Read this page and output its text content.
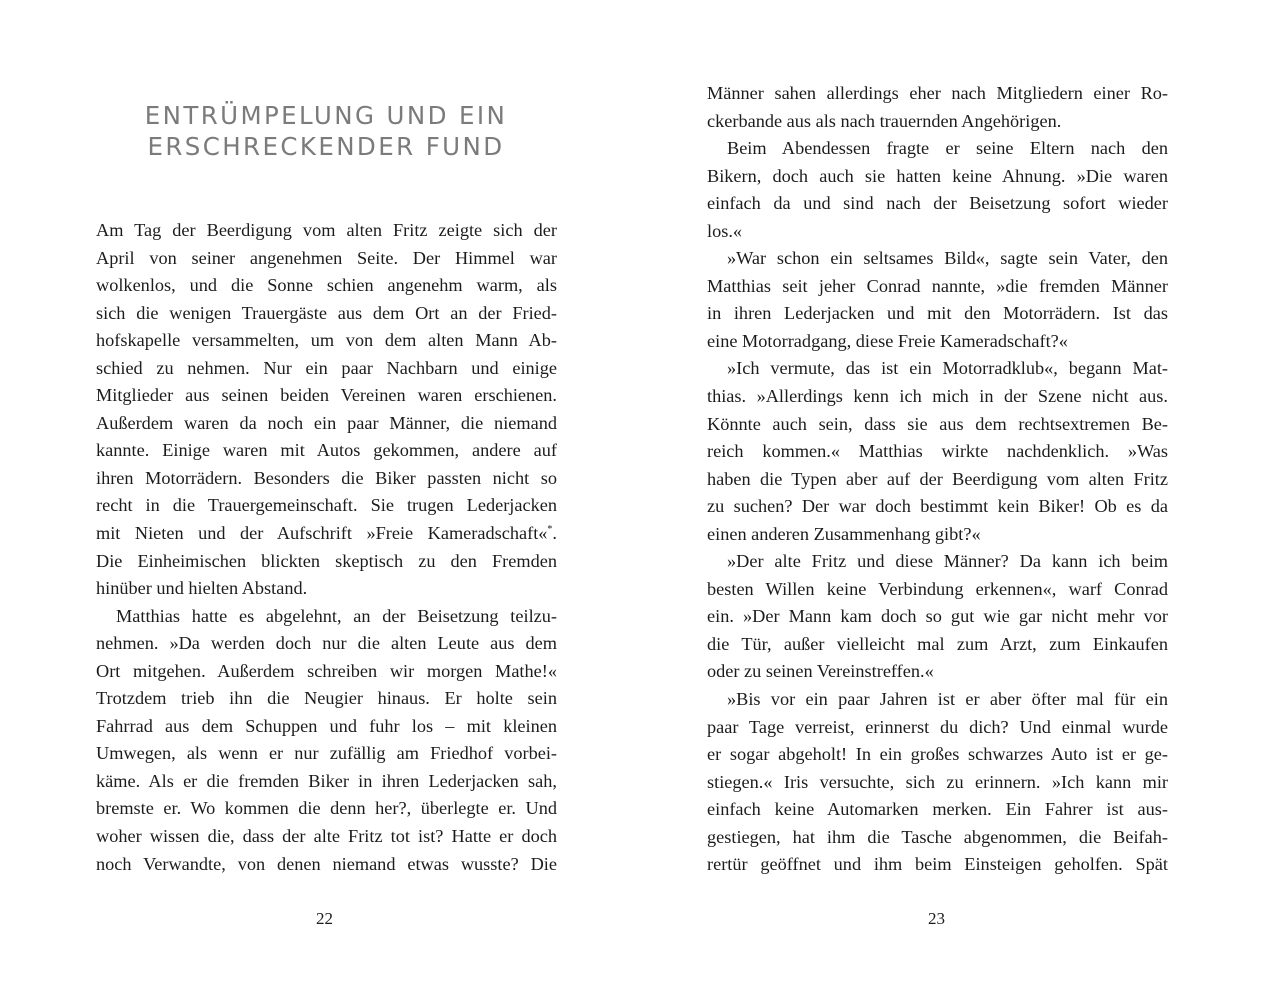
ENTRÜMPELUNG UND EIN
ERSCHRECKENDER FUND
Am Tag der Beerdigung vom alten Fritz zeigte sich der
April von seiner angenehmen Seite. Der Himmel war
wolkenlos, und die Sonne schien angenehm warm, als
sich die wenigen Trauergäste aus dem Ort an der Fried-
hofskapelle versammelten, um von dem alten Mann Ab-
schied zu nehmen. Nur ein paar Nachbarn und einige
Mitglieder aus seinen beiden Vereinen waren erschienen.
Außerdem waren da noch ein paar Männer, die niemand
kannte. Einige waren mit Autos gekommen, andere auf
ihren Motorrädern. Besonders die Biker passten nicht so
recht in die Trauergemeinschaft. Sie trugen Lederjacken
mit Nieten und der Aufschrift »Freie Kameradschaft«*.
Die Einheimischen blickten skeptisch zu den Fremden
hinüber und hielten Abstand.
Matthias hatte es abgelehnt, an der Beisetzung teilzu-
nehmen. »Da werden doch nur die alten Leute aus dem
Ort mitgehen. Außerdem schreiben wir morgen Mathe!«
Trotzdem trieb ihn die Neugier hinaus. Er holte sein
Fahrrad aus dem Schuppen und fuhr los – mit kleinen
Umwegen, als wenn er nur zufällig am Friedhof vorbei-
käme. Als er die fremden Biker in ihren Lederjacken sah,
bremste er. Wo kommen die denn her?, überlegte er. Und
woher wissen die, dass der alte Fritz tot ist? Hatte er doch
noch Verwandte, von denen niemand etwas wusste? Die
22
Männer sahen allerdings eher nach Mitgliedern einer Ro-
ckerbande aus als nach trauernden Angehörigen.
Beim Abendessen fragte er seine Eltern nach den
Bikern, doch auch sie hatten keine Ahnung. »Die waren
einfach da und sind nach der Beisetzung sofort wieder
los.«
»War schon ein seltsames Bild«, sagte sein Vater, den
Matthias seit jeher Conrad nannte, »die fremden Männer
in ihren Lederjacken und mit den Motorrädern. Ist das
eine Motorradgang, diese Freie Kameradschaft?«
»Ich vermute, das ist ein Motorradklub«, begann Mat-
thias. »Allerdings kenn ich mich in der Szene nicht aus.
Könnte auch sein, dass sie aus dem rechtsextremen Be-
reich kommen.« Matthias wirkte nachdenklich. »Was
haben die Typen aber auf der Beerdigung vom alten Fritz
zu suchen? Der war doch bestimmt kein Biker! Ob es da
einen anderen Zusammenhang gibt?«
»Der alte Fritz und diese Männer? Da kann ich beim
besten Willen keine Verbindung erkennen«, warf Conrad
ein. »Der Mann kam doch so gut wie gar nicht mehr vor
die Tür, außer vielleicht mal zum Arzt, zum Einkaufen
oder zu seinen Vereinstreffen.«
»Bis vor ein paar Jahren ist er aber öfter mal für ein
paar Tage verreist, erinnerst du dich? Und einmal wurde
er sogar abgeholt! In ein großes schwarzes Auto ist er ge-
stiegen.« Iris versuchte, sich zu erinnern. »Ich kann mir
einfach keine Automarken merken. Ein Fahrer ist aus-
gestiegen, hat ihm die Tasche abgenommen, die Beifah-
rertür geöffnet und ihm beim Einsteigen geholfen. Spät
23
